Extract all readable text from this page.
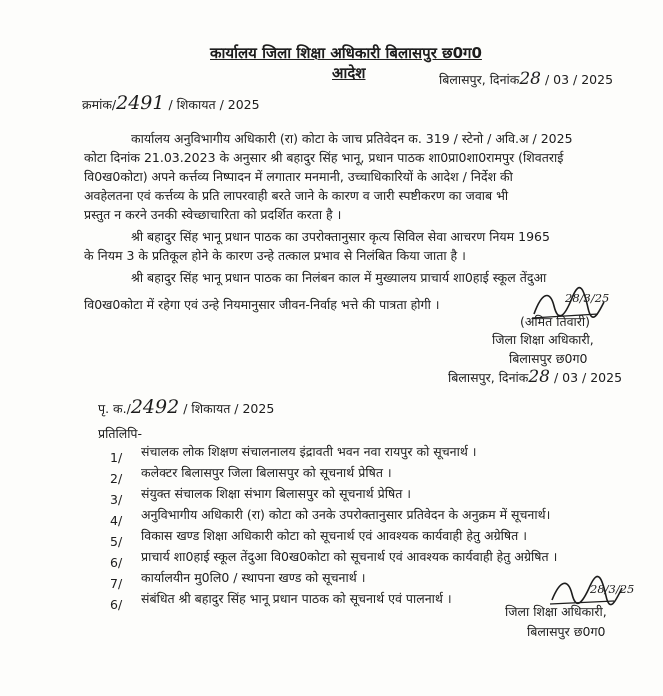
कार्यालय जिला शिक्षा अधिकारी बिलासपुर छ0ग0
आदेश	बिलासपुर, दिनांक28 / 03 / 2025
क्रमांक/2491 / शिकायत / 2025
कार्यालय अनुविभागीय अधिकारी (रा) कोटा के जाच प्रतिवेदन क. 319 / स्टेनो / अवि.अ / 2025
कोटा दिनांक 21.03.2023 के अनुसार श्री बहादुर सिंह भानू, प्रधान पाठक शा0प्रा0शा0रामपुर (शिवतराई
वि0ख0कोटा) अपने कर्त्तव्य निष्पादन में लगातार मनमानी, उच्चाधिकारियों के आदेश / निर्देश की
अवहेलतना एवं कर्त्तव्य के प्रति लापरवाही बरते जाने के कारण व जारी स्पष्टीकरण का जवाब भी
प्रस्तुत न करने उनकी स्वेच्छाचारिता को प्रदर्शित करता है ।
श्री बहादुर सिंह भानू प्रधान पाठक का उपरोक्तानुसार कृत्य सिविल सेवा आचरण नियम 1965
के नियम 3 के प्रतिकूल होने के कारण उन्हे तत्काल प्रभाव से निलंबित किया जाता है ।
श्री बहादुर सिंह भानू प्रधान पाठक का निलंबन काल में मुख्यालय प्राचार्य शा0हाई स्कूल तेंदुआ
वि0ख0कोटा में रहेगा एवं उन्हे नियमानुसार जीवन-निर्वाह भत्ते की पात्रता होगी ।	28/3/25
(अमित तिवारी)
जिला शिक्षा अधिकारी,
बिलासपुर छ0ग0
बिलासपुर, दिनांक28 / 03 / 2025
पृ. क./2492 / शिकायत / 2025
प्रतिलिपि-
1/ संचालक लोक शिक्षण संचालनालय इंद्रावती भवन नवा रायपुर को सूचनार्थ ।
2/ कलेक्टर बिलासपुर जिला बिलासपुर को सूचनार्थ प्रेषित ।
3/ संयुक्त संचालक शिक्षा संभाग बिलासपुर को सूचनार्थ प्रेषित ।
4/ अनुविभागीय अधिकारी (रा) कोटा को उनके उपरोक्तानुसार प्रतिवेदन के अनुक्रम में सूचनार्थ।
5/ विकास खण्ड शिक्षा अधिकारी कोटा को सूचनार्थ एवं आवश्यक कार्यवाही हेतु अग्रेषित ।
6/ प्राचार्य शा0हाई स्कूल तेंदुआ वि0ख0कोटा को सूचनार्थ एवं आवश्यक कार्यवाही हेतु अग्रेषित ।
7/ कार्यालयीन मु0लि0 / स्थापना खण्ड को सूचनार्थ ।
6/ संबंधित श्री बहादुर सिंह भानू प्रधान पाठक को सूचनार्थ एवं पालनार्थ ।
28/3/25
जिला शिक्षा अधिकारी,
बिलासपुर छ0ग0
